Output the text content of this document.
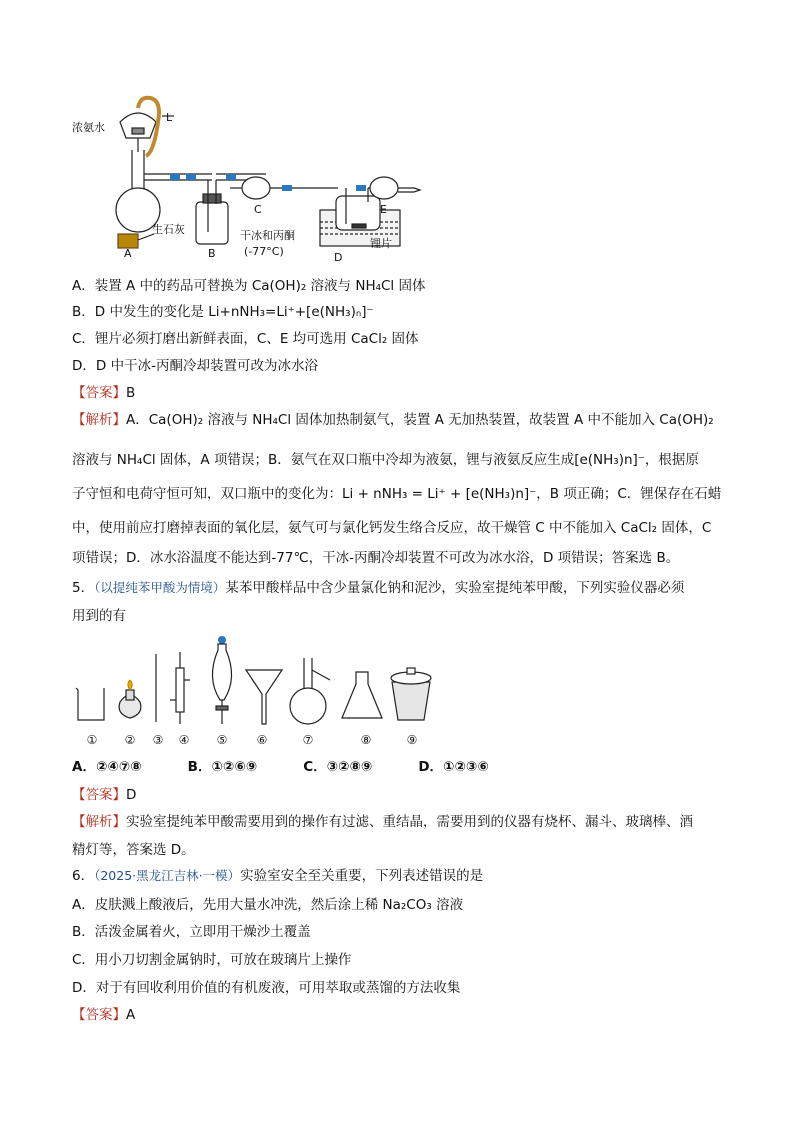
浓氨水
L
生石灰
A	B
C	E
干冰和丙酮
(-77°C)	D
锂片
A．装置 A 中的药品可替换为 Ca(OH)₂ 溶液与 NH₄Cl 固体
B．D 中发生的变化是 Li+nNH₃=Li⁺+[e(NH₃)ₙ]⁻
C．锂片必须打磨出新鲜表面，C、E 均可选用 CaCl₂ 固体
D．D 中干冰-丙酮冷却装置可改为冰水浴
【答案】B
【解析】A．Ca(OH)₂ 溶液与 NH₄Cl 固体加热制氨气，装置 A 无加热装置，故装置 A 中不能加入 Ca(OH)₂
溶液与 NH₄Cl 固体，A 项错误；B．氨气在双口瓶中冷却为液氨，锂与液氨反应生成[e(NH₃)n]⁻，根据原
子守恒和电荷守恒可知，双口瓶中的变化为：Li + nNH₃ = Li⁺ + [e(NH₃)n]⁻，B 项正确；C．锂保存在石蜡
中，使用前应打磨掉表面的氧化层，氨气可与氯化钙发生络合反应，故干燥管 C 中不能加入 CaCl₂ 固体，C
项错误；D．冰水浴温度不能达到-77℃，干冰-丙酮冷却装置不可改为冰水浴，D 项错误；答案选 B。
5．（以提纯苯甲酸为情境）某苯甲酸样品中含少量氯化钠和泥沙，实验室提纯苯甲酸，下列实验仪器必须
用到的有
①	②	③	④	⑤	⑥	⑦	⑧	⑨
A．②④⑦⑧	B．①②⑥⑨	C．③②⑧⑨	D．①②③⑥
【答案】D
【解析】实验室提纯苯甲酸需要用到的操作有过滤、重结晶，需要用到的仪器有烧杯、漏斗、玻璃棒、酒
精灯等，答案选 D。
6．（2025·黑龙江吉林·一模）实验室安全至关重要，下列表述错误的是
A．皮肤溅上酸液后，先用大量水冲洗，然后涂上稀 Na₂CO₃ 溶液
B．活泼金属着火，立即用干燥沙土覆盖
C．用小刀切割金属钠时，可放在玻璃片上操作
D．对于有回收利用价值的有机废液，可用萃取或蒸馏的方法收集
【答案】A
